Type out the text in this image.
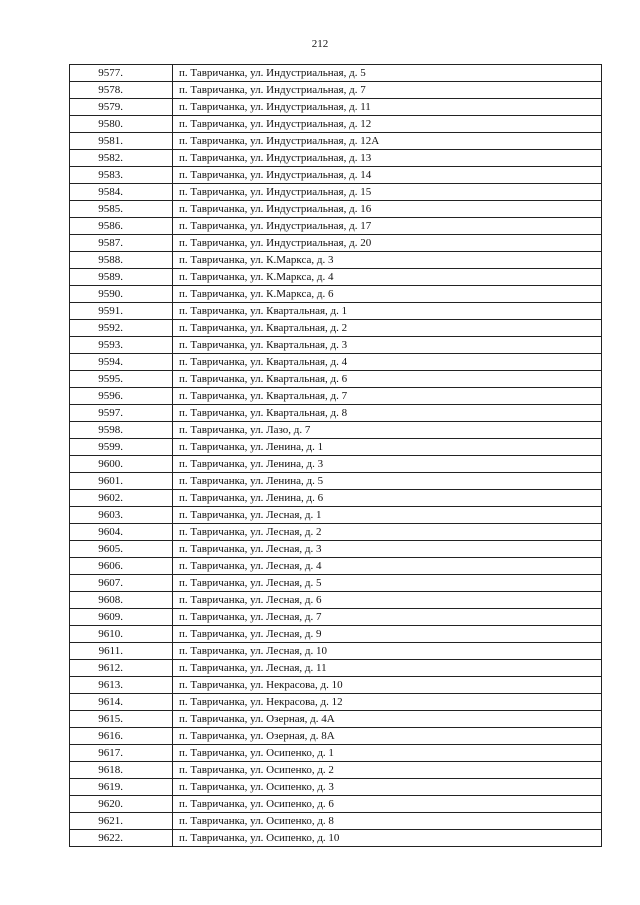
212
9577.	п. Тавричанка, ул. Индустриальная, д. 5
9578.	п. Тавричанка, ул. Индустриальная, д. 7
9579.	п. Тавричанка, ул. Индустриальная, д. 11
9580.	п. Тавричанка, ул. Индустриальная, д. 12
9581.	п. Тавричанка, ул. Индустриальная, д. 12А
9582.	п. Тавричанка, ул. Индустриальная, д. 13
9583.	п. Тавричанка, ул. Индустриальная, д. 14
9584.	п. Тавричанка, ул. Индустриальная, д. 15
9585.	п. Тавричанка, ул. Индустриальная, д. 16
9586.	п. Тавричанка, ул. Индустриальная, д. 17
9587.	п. Тавричанка, ул. Индустриальная, д. 20
9588.	п. Тавричанка, ул. К.Маркса, д. 3
9589.	п. Тавричанка, ул. К.Маркса, д. 4
9590.	п. Тавричанка, ул. К.Маркса, д. 6
9591.	п. Тавричанка, ул. Квартальная, д. 1
9592.	п. Тавричанка, ул. Квартальная, д. 2
9593.	п. Тавричанка, ул. Квартальная, д. 3
9594.	п. Тавричанка, ул. Квартальная, д. 4
9595.	п. Тавричанка, ул. Квартальная, д. 6
9596.	п. Тавричанка, ул. Квартальная, д. 7
9597.	п. Тавричанка, ул. Квартальная, д. 8
9598.	п. Тавричанка, ул. Лазо, д. 7
9599.	п. Тавричанка, ул. Ленина, д. 1
9600.	п. Тавричанка, ул. Ленина, д. 3
9601.	п. Тавричанка, ул. Ленина, д. 5
9602.	п. Тавричанка, ул. Ленина, д. 6
9603.	п. Тавричанка, ул. Лесная, д. 1
9604.	п. Тавричанка, ул. Лесная, д. 2
9605.	п. Тавричанка, ул. Лесная, д. 3
9606.	п. Тавричанка, ул. Лесная, д. 4
9607.	п. Тавричанка, ул. Лесная, д. 5
9608.	п. Тавричанка, ул. Лесная, д. 6
9609.	п. Тавричанка, ул. Лесная, д. 7
9610.	п. Тавричанка, ул. Лесная, д. 9
9611.	п. Тавричанка, ул. Лесная, д. 10
9612.	п. Тавричанка, ул. Лесная, д. 11
9613.	п. Тавричанка, ул. Некрасова, д. 10
9614.	п. Тавричанка, ул. Некрасова, д. 12
9615.	п. Тавричанка, ул. Озерная, д. 4А
9616.	п. Тавричанка, ул. Озерная, д. 8А
9617.	п. Тавричанка, ул. Осипенко, д. 1
9618.	п. Тавричанка, ул. Осипенко, д. 2
9619.	п. Тавричанка, ул. Осипенко, д. 3
9620.	п. Тавричанка, ул. Осипенко, д. 6
9621.	п. Тавричанка, ул. Осипенко, д. 8
9622.	п. Тавричанка, ул. Осипенко, д. 10
